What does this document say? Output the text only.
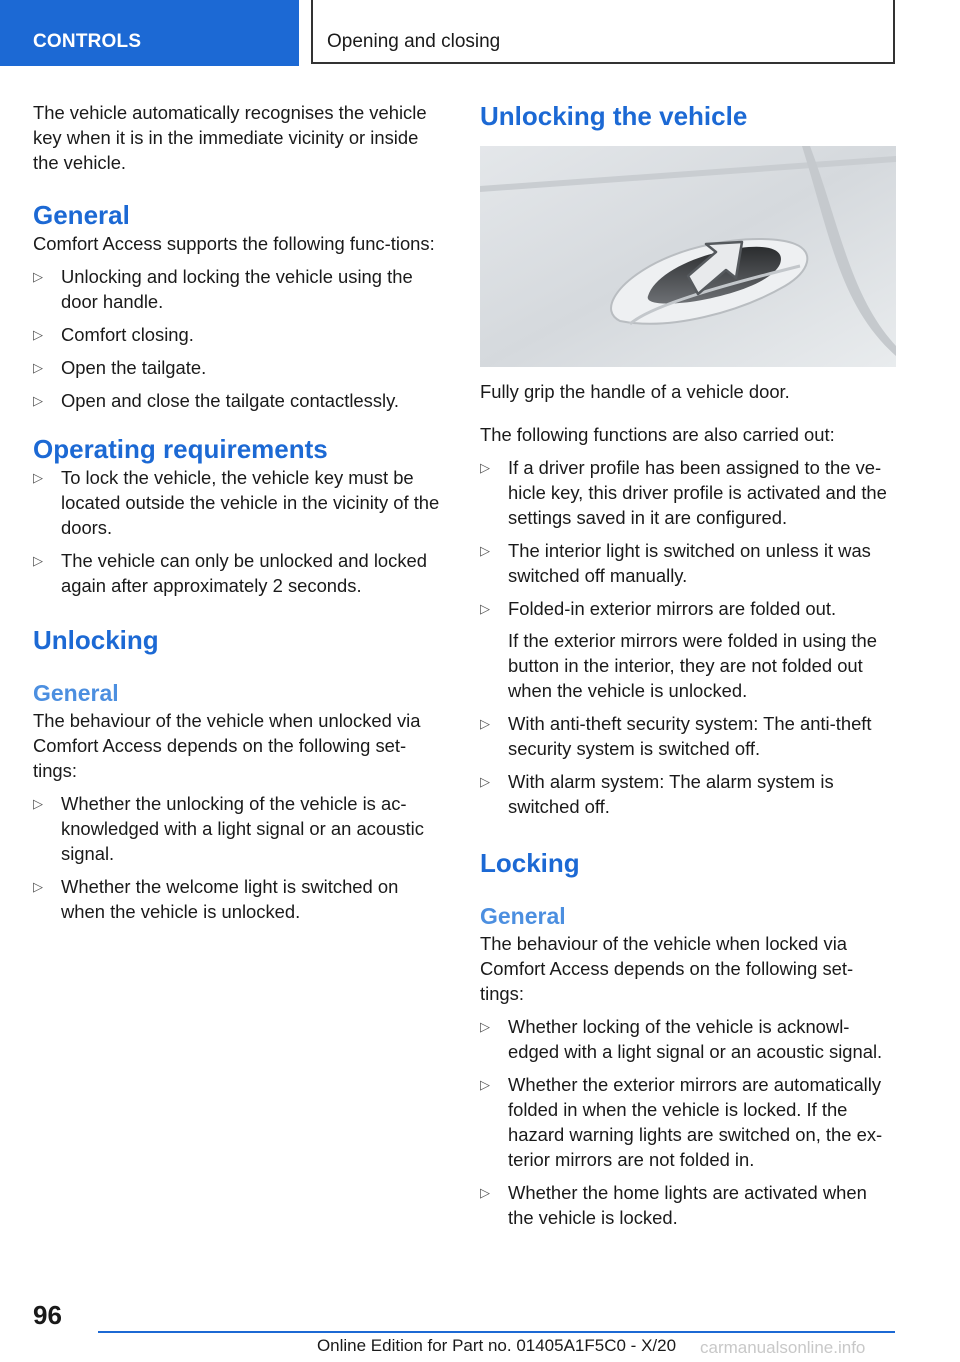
CONTROLS	Opening and closing

The vehicle automatically recognises the vehicle key when it is in the immediate vicinity or inside the vehicle.

General

Comfort Access supports the following func‐tions:

▷ Unlocking and locking the vehicle using the door handle.
▷ Comfort closing.
▷ Open the tailgate.
▷ Open and close the tailgate contactlessly.
Operating requirements
▷ To lock the vehicle, the vehicle key must be located outside the vehicle in the vicinity of the doors.
▷ The vehicle can only be unlocked and locked again after approximately 2 seconds.
Unlocking
General

The behaviour of the vehicle when unlocked via Comfort Access depends on the following set‐tings:

▷ Whether the unlocking of the vehicle is ac‐knowledged with a light signal or an acoustic signal.
▷ Whether the welcome light is switched on when the vehicle is unlocked.
Unlocking the vehicle

Fully grip the handle of a vehicle door.

The following functions are also carried out:

▷ If a driver profile has been assigned to the ve‐hicle key, this driver profile is activated and the settings saved in it are configured.
▷ The interior light is switched on unless it was switched off manually.
▷ Folded-in exterior mirrors are folded out.
If the exterior mirrors were folded in using the button in the interior, they are not folded out when the vehicle is unlocked.
▷ With anti-theft security system: The anti-theft security system is switched off.
▷ With alarm system: The alarm system is switched off.
Locking
General

The behaviour of the vehicle when locked via Comfort Access depends on the following set‐tings:

▷ Whether locking of the vehicle is acknowl‐edged with a light signal or an acoustic signal.
▷ Whether the exterior mirrors are automatically folded in when the vehicle is locked. If the hazard warning lights are switched on, the ex‐terior mirrors are not folded in.
▷ Whether the home lights are activated when the vehicle is locked.
96
Online Edition for Part no. 01405A1F5C0 - X/20	carmanualsonline.info
